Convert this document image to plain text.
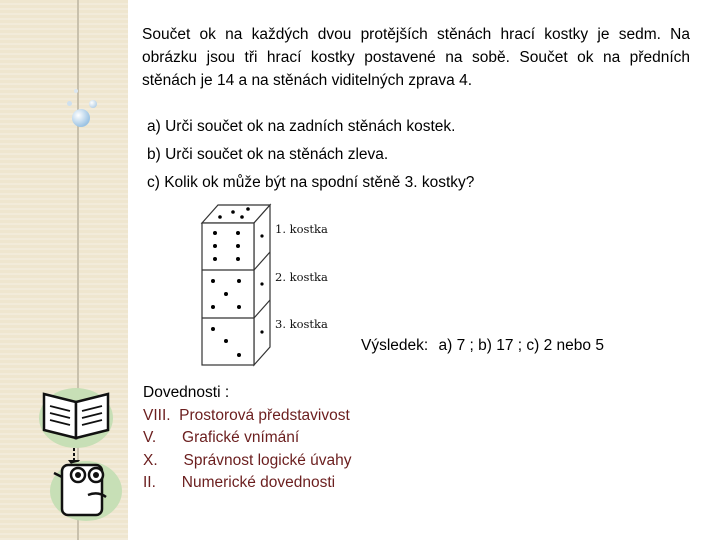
Součet ok na každých dvou protějších stěnách hrací kostky je sedm. Na obrázku jsou tři hrací kostky postavené na sobě. Součet ok na předních stěnách je 14 a na stěnách viditelných zprava 4.
a) Urči součet ok na zadních stěnách kostek.
b) Urči součet ok na stěnách zleva.
c) Kolik ok může být na spodní stěně 3. kostky?
1. kostka
2. kostka
3. kostka
Výsledek: a) 7 ; b) 17 ; c) 2 nebo 5
Dovednosti :
VIII.  Prostorová představivost
V.      Grafické vnímání
X.      Správnost logické úvahy
II.      Numerické dovednosti
